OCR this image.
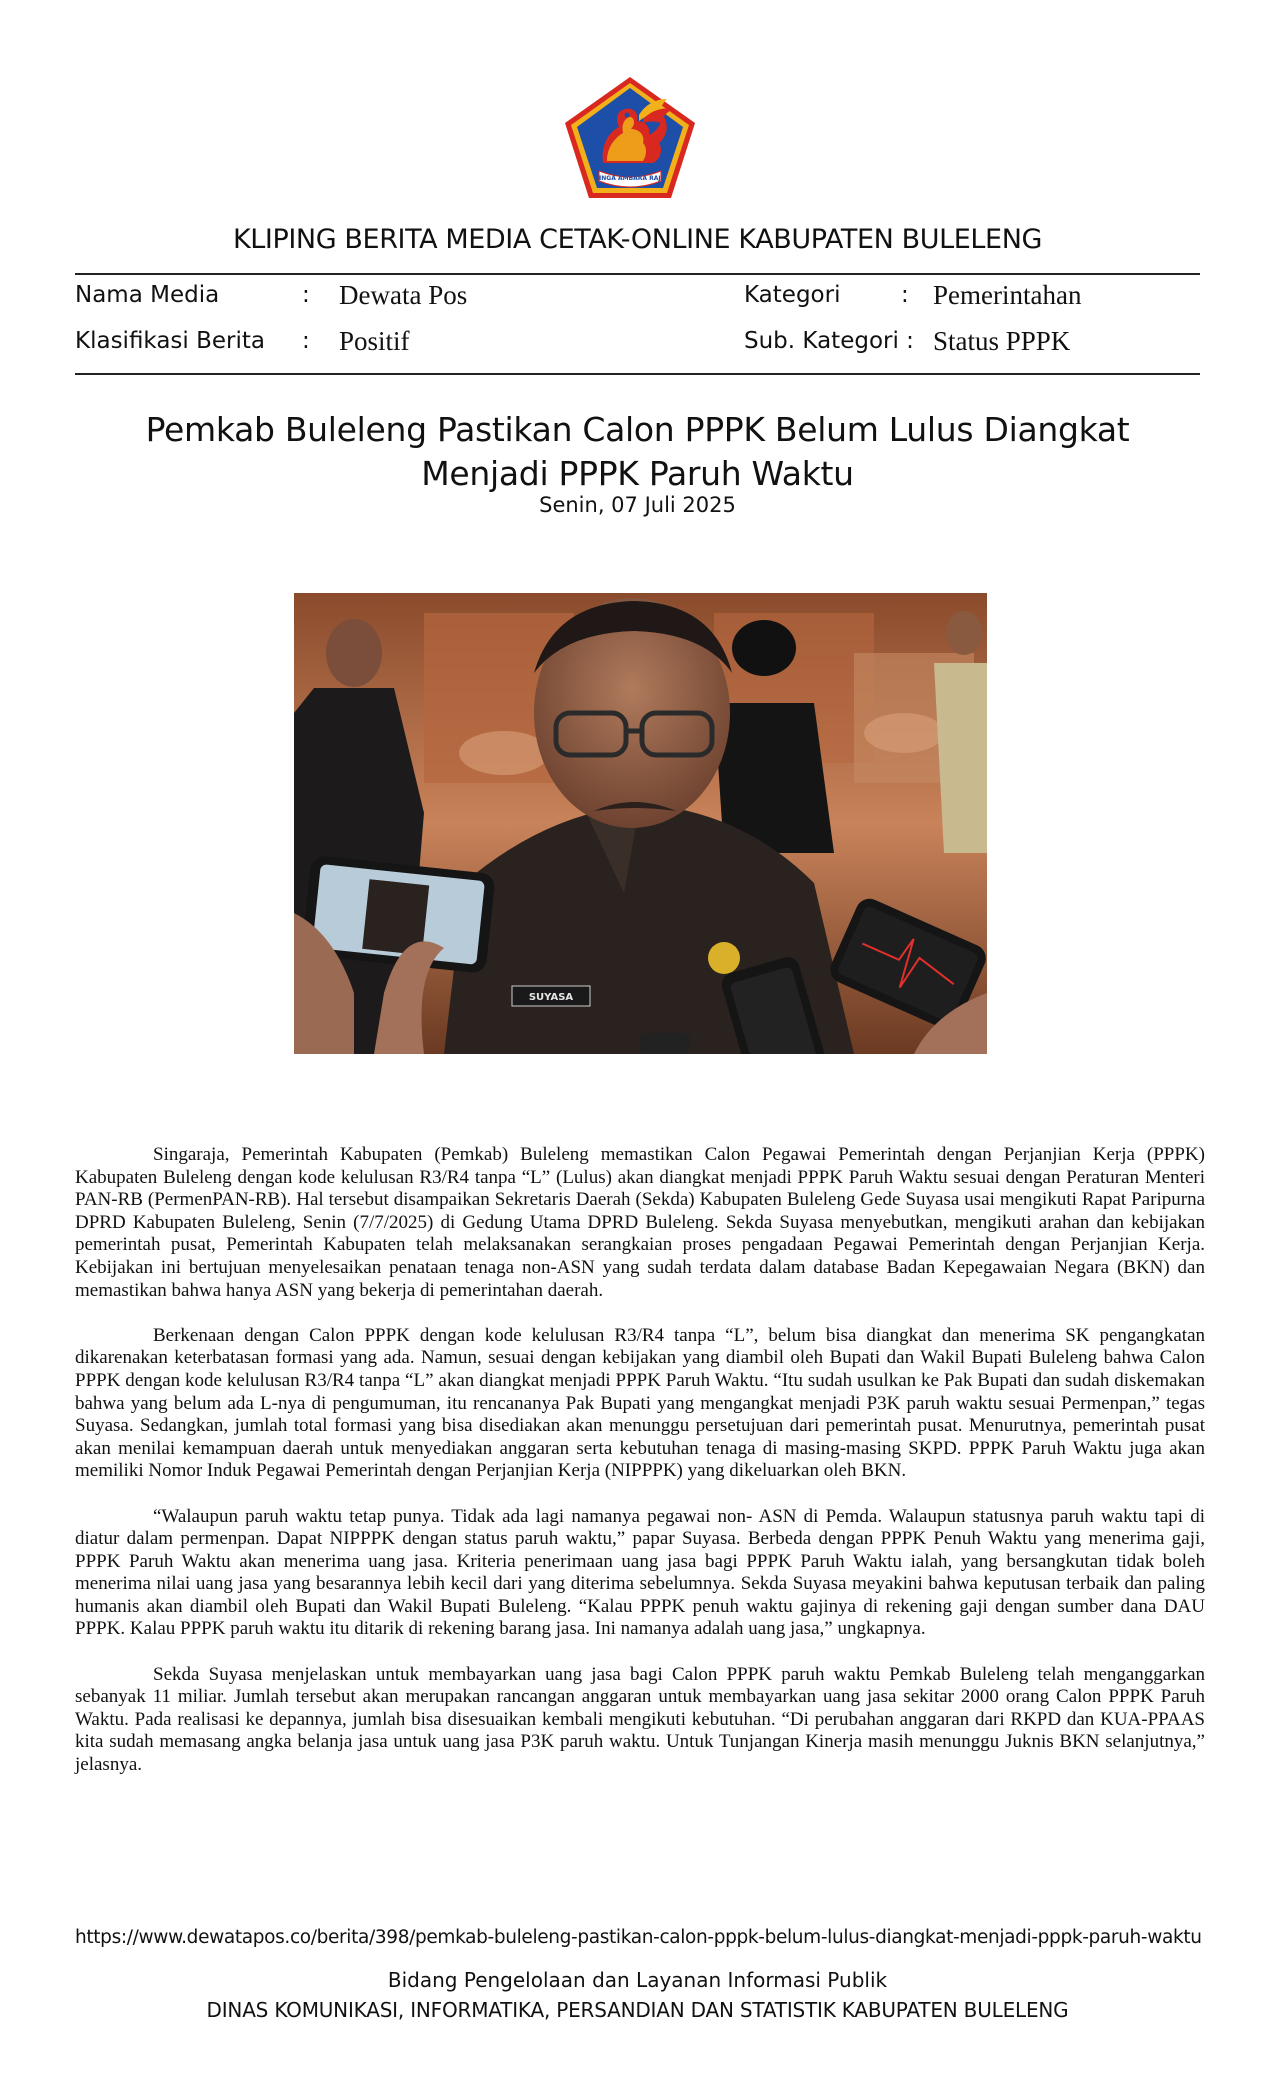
SINGA AMBARA RAJA
KLIPING BERITA MEDIA CETAK-ONLINE KABUPATEN BULELENG
Nama Media	: Dewata Pos	Kategori	: Pemerintahan
Klasifikasi Berita : Positif	Sub. Kategori : Status PPPK
Pemkab Buleleng Pastikan Calon PPPK Belum Lulus Diangkat Menjadi PPPK Paruh Waktu
Senin, 07 Juli 2025
SUYASA

Singaraja, Pemerintah Kabupaten (Pemkab) Buleleng memastikan Calon Pegawai Pemerintah dengan Perjanjian Kerja (PPPK) Kabupaten Buleleng dengan kode kelulusan R3/R4 tanpa “L” (Lulus) akan diangkat menjadi PPPK Paruh Waktu sesuai dengan Peraturan Menteri PAN-RB (PermenPAN-RB). Hal tersebut disampaikan Sekretaris Daerah (Sekda) Kabupaten Buleleng Gede Suyasa usai mengikuti Rapat Paripurna DPRD Kabupaten Buleleng, Senin (7/7/2025) di Gedung Utama DPRD Buleleng. Sekda Suyasa menyebutkan, mengikuti arahan dan kebijakan pemerintah pusat, Pemerintah Kabupaten telah melaksanakan serangkaian proses pengadaan Pegawai Pemerintah dengan Perjanjian Kerja. Kebijakan ini bertujuan menyelesaikan penataan tenaga non-ASN yang sudah terdata dalam database Badan Kepegawaian Negara (BKN) dan memastikan bahwa hanya ASN yang bekerja di pemerintahan daerah.

Berkenaan dengan Calon PPPK dengan kode kelulusan R3/R4 tanpa “L”, belum bisa diangkat dan menerima SK pengangkatan dikarenakan keterbatasan formasi yang ada. Namun, sesuai dengan kebijakan yang diambil oleh Bupati dan Wakil Bupati Buleleng bahwa Calon PPPK dengan kode kelulusan R3/R4 tanpa “L” akan diangkat menjadi PPPK Paruh Waktu. “Itu sudah usulkan ke Pak Bupati dan sudah diskemakan bahwa yang belum ada L-nya di pengumuman, itu rencananya Pak Bupati yang mengangkat menjadi P3K paruh waktu sesuai Permenpan,” tegas Suyasa. Sedangkan, jumlah total formasi yang bisa disediakan akan menunggu persetujuan dari pemerintah pusat. Menurutnya, pemerintah pusat akan menilai kemampuan daerah untuk menyediakan anggaran serta kebutuhan tenaga di masing-masing SKPD. PPPK Paruh Waktu juga akan memiliki Nomor Induk Pegawai Pemerintah dengan Perjanjian Kerja (NIPPPK) yang dikeluarkan oleh BKN.

“Walaupun paruh waktu tetap punya. Tidak ada lagi namanya pegawai non- ASN di Pemda. Walaupun statusnya paruh waktu tapi di diatur dalam permenpan. Dapat NIPPPK dengan status paruh waktu,” papar Suyasa. Berbeda dengan PPPK Penuh Waktu yang menerima gaji, PPPK Paruh Waktu akan menerima uang jasa. Kriteria penerimaan uang jasa bagi PPPK Paruh Waktu ialah, yang bersangkutan tidak boleh menerima nilai uang jasa yang besarannya lebih kecil dari yang diterima sebelumnya. Sekda Suyasa meyakini bahwa keputusan terbaik dan paling humanis akan diambil oleh Bupati dan Wakil Bupati Buleleng. “Kalau PPPK penuh waktu gajinya di rekening gaji dengan sumber dana DAU PPPK. Kalau PPPK paruh waktu itu ditarik di rekening barang jasa. Ini namanya adalah uang jasa,” ungkapnya.

Sekda Suyasa menjelaskan untuk membayarkan uang jasa bagi Calon PPPK paruh waktu Pemkab Buleleng telah menganggarkan sebanyak 11 miliar. Jumlah tersebut akan merupakan rancangan anggaran untuk membayarkan uang jasa sekitar 2000 orang Calon PPPK Paruh Waktu. Pada realisasi ke depannya, jumlah bisa disesuaikan kembali mengikuti kebutuhan. “Di perubahan anggaran dari RKPD dan KUA-PPAAS kita sudah memasang angka belanja jasa untuk uang jasa P3K paruh waktu. Untuk Tunjangan Kinerja masih menunggu Juknis BKN selanjutnya,” jelasnya.

https://www.dewatapos.co/berita/398/pemkab-buleleng-pastikan-calon-pppk-belum-lulus-diangkat-menjadi-pppk-paruh-waktu
Bidang Pengelolaan dan Layanan Informasi Publik
DINAS KOMUNIKASI, INFORMATIKA, PERSANDIAN DAN STATISTIK KABUPATEN BULELENG
